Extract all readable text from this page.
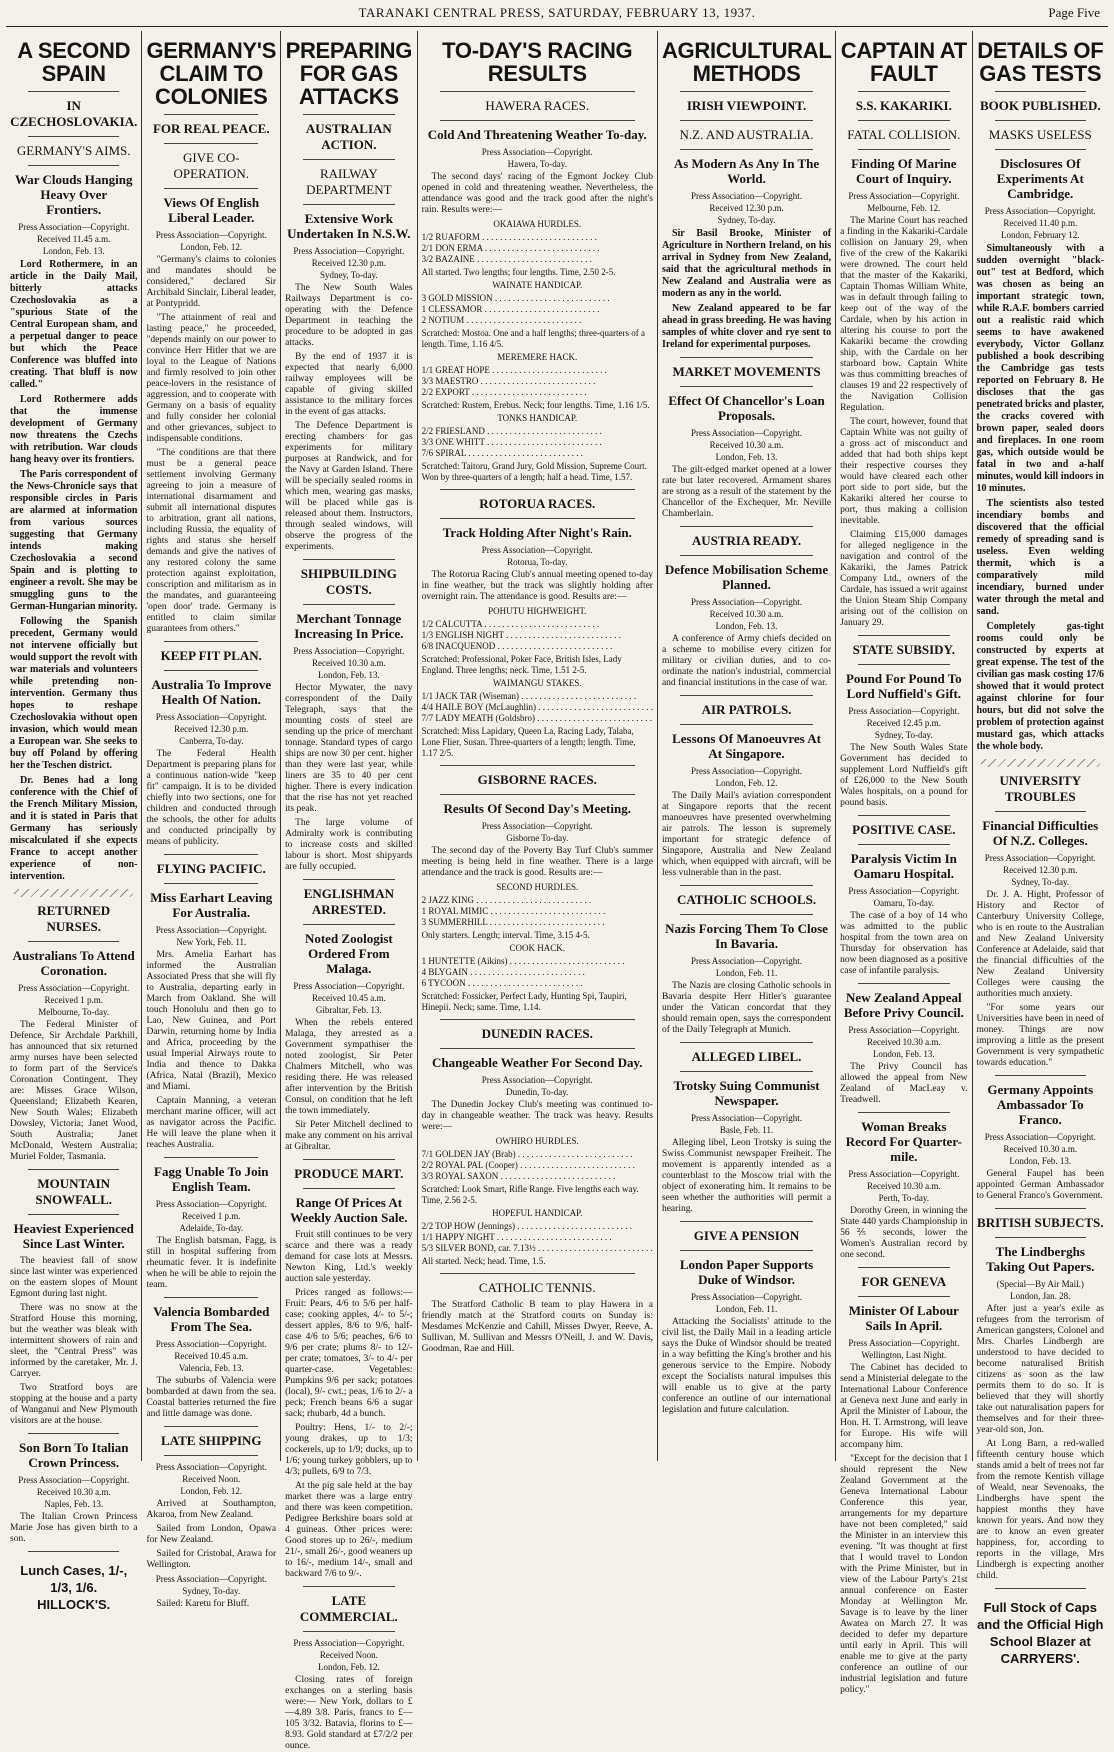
TARANAKI CENTRAL PRESS, SATURDAY, FEBRUARY 13, 1937.	Page Five
A SECOND SPAIN
IN CZECHOSLOVAKIA.
GERMANY'S AIMS.
War Clouds Hanging Heavy Over Frontiers.
Press Association—Copyright.
Received 11.45 a.m.
London, Feb. 13.

Lord Rothermere, in an article in the Daily Mail, bitterly attacks Czechoslovakia as a "spurious State of the Central European sham, and a perpetual danger to peace but which the Peace Conference was bluffed into creating. That bluff is now called."

Lord Rothermere adds that the immense development of Germany now threatens the Czechs with retribution. War clouds hang heavy over its frontiers.

The Paris correspondent of the News-Chronicle says that responsible circles in Paris are alarmed at information from various sources suggesting that Germany intends making Czechoslovakia a second Spain and is plotting to engineer a revolt. She may be smuggling guns to the German-Hungarian minority.

Following the Spanish precedent, Germany would not intervene officially but would support the revolt with war materials and volunteers while pretending non-intervention. Germany thus hopes to reshape Czechoslovakia without open invasion, which would mean a European war. She seeks to buy off Poland by offering her the Teschen district.

Dr. Benes had a long conference with the Chief of the French Military Mission, and it is stated in Paris that Germany has seriously miscalculated if she expects France to accept another experience of non-intervention.

RETURNED NURSES.
Australians To Attend Coronation.
Press Association—Copyright.
Received 1 p.m.
Melbourne, To-day.

The Federal Minister of Defence, Sir Archdale Parkhill, has announced that six returned army nurses have been selected to form part of the Service's Coronation Contingent. They are: Misses Grace Wilson, Queensland; Elizabeth Kearen, New South Wales; Elizabeth Dowsley, Victoria; Janet Wood, South Australia; Janet McDonald, Western Australia; Muriel Folder, Tasmania.

MOUNTAIN SNOWFALL.
Heaviest Experienced Since Last Winter.

The heaviest fall of snow since last winter was experienced on the eastern slopes of Mount Egmont during last night.

There was no snow at the Stratford House this morning, but the weather was bleak with intermittent showers of rain and sleet, the "Central Press" was informed by the caretaker, Mr. J. Carryer.

Two Stratford boys are stopping at the house and a party of Wanganui and New Plymouth visitors are at the house.

Son Born To Italian Crown Princess.
Press Association—Copyright.
Received 10.30 a.m.
Naples, Feb. 13.

The Italian Crown Princess Marie Jose has given birth to a son.

Lunch Cases, 1/-, 1/3, 1/6.
HILLOCK'S.
GERMANY'S CLAIM TO COLONIES
FOR REAL PEACE.
GIVE CO-OPERATION.
Views Of English Liberal Leader.
Press Association—Copyright.
London, Feb. 12.

"Germany's claims to colonies and mandates should be considered," declared Sir Archibald Sinclair, Liberal leader, at Pontypridd.

"The attainment of real and lasting peace," he proceeded, "depends mainly on our power to convince Herr Hitler that we are loyal to the League of Nations and firmly resolved to join other peace-lovers in the resistance of aggression, and to cooperate with Germany on a basis of equality and fully consider her colonial and other grievances, subject to indispensable conditions.

"The conditions are that there must be a general peace settlement involving Germany agreeing to join a measure of international disarmament and submit all international disputes to arbitration, grant all nations, including Russia, the equality of rights and status she herself demands and give the natives of any restored colony the same protection against exploitation, conscription and militarism as in the mandates, and guaranteeing 'open door' trade. Germany is entitled to claim similar guarantees from others."

KEEP FIT PLAN.
Australia To Improve Health Of Nation.
Press Association—Copyright.
Received 12.30 p.m.
Canberra, To-day.

The Federal Health Department is preparing plans for a continuous nation-wide "keep fit" campaign. It is to be divided chiefly into two sections, one for children and conducted through the schools, the other for adults and conducted principally by means of publicity.

FLYING PACIFIC.
Miss Earhart Leaving For Australia.
Press Association—Copyright.
New York, Feb. 11.

Mrs. Amelia Earhart has informed the Australian Associated Press that she will fly to Australia, departing early in March from Oakland. She will touch Honolulu and then go to Lao, New Guinea, and Port Darwin, returning home by India and Africa, proceeding by the usual Imperial Airways route to India and thence to Dakka (Africa, Natal (Brazil), Mexico and Miami.

Captain Manning, a veteran merchant marine officer, will act as navigator across the Pacific. He will leave the plane when it reaches Australia.

Fagg Unable To Join English Team.
Press Association—Copyright.
Received 1 p.m.
Adelaide, To-day.

The English batsman, Fagg, is still in hospital suffering from rheumatic fever. It is indefinite when he will be able to rejoin the team.

Valencia Bombarded From The Sea.
Press Association—Copyright.
Received 10.45 a.m.
Valencia, Feb. 13.

The suburbs of Valencia were bombarded at dawn from the sea. Coastal batteries returned the fire and little damage was done.

LATE SHIPPING
Press Association—Copyright.
Received Noon.
London, Feb. 12.

Arrived at Southampton, Akaroa, from New Zealand.

Sailed from London, Opawa for New Zealand.

Sailed for Cristobal, Arawa for Wellington.

Press Association—Copyright.
Sydney, To-day.

Sailed: Karetu for Bluff.

PREPARING FOR GAS ATTACKS
AUSTRALIAN ACTION.
RAILWAY DEPARTMENT
Extensive Work Undertaken In N.S.W.
Press Association—Copyright.
Received 12.30 p.m.
Sydney, To-day.

The New South Wales Railways Department is co-operating with the Defence Department in teaching the procedure to be adopted in gas attacks.

By the end of 1937 it is expected that nearly 6,000 railway employees will be capable of giving skilled assistance to the military forces in the event of gas attacks.

The Defence Department is erecting chambers for gas experiments for military purposes at Randwick, and for the Navy at Garden Island. There will be specially sealed rooms in which men, wearing gas masks, will be placed while gas is released about them. Instructors, through sealed windows, will observe the progress of the experiments.

SHIPBUILDING COSTS.
Merchant Tonnage Increasing In Price.
Press Association—Copyright.
Received 10.30 a.m.
London, Feb. 13.

Hector Mywater, the navy correspondent of the Daily Telegraph, says that the mounting costs of steel are sending up the price of merchant tonnage. Standard types of cargo ships are now 30 per cent. higher than they were last year, while liners are 35 to 40 per cent higher. There is every indication that the rise has not yet reached its peak.

The large volume of Admiralty work is contributing to increase costs and skilled labour is short. Most shipyards are fully occupied.

ENGLISHMAN ARRESTED.
Noted Zoologist Ordered From Malaga.
Press Association—Copyright.
Received 10.45 a.m.
Gibraltar, Feb. 13.

When the rebels entered Malaga, they arrested as a Government sympathiser the noted zoologist, Sir Peter Chalmers Mitchell, who was residing there. He was released after intervention by the British Consul, on condition that he left the town immediately.

Sir Peter Mitchell declined to make any comment on his arrival at Gibraltar.

PRODUCE MART.
Range Of Prices At Weekly Auction Sale.

Fruit still continues to be very scarce and there was a ready demand for case lots at Messrs. Newton King, Ltd.'s weekly auction sale yesterday.

Prices ranged as follows:— Fruit: Pears, 4/6 to 5/6 per half-case; cooking apples, 4/- to 5/-; dessert apples, 8/6 to 9/6, half-case 4/6 to 5/6; peaches, 6/6 to 9/6 per crate; plums 8/- to 12/- per crate; tomatoes, 3/- to 4/- per quarter-case. Vegetables: Pumpkins 9/6 per sack; potatoes (local), 9/- cwt.; peas, 1/6 to 2/- a peck; French beans 6/6 a sugar sack; rhubarb, 4d a bunch.

Poultry: Hens, 1/- to 2/-; young drakes, up to 1/3; cockerels, up to 1/9; ducks, up to 1/6; young turkey gobblers, up to 4/3; pullets, 6/9 to 7/3.

At the pig sale held at the bay market there was a large entry and there was keen competition. Pedigree Berkshire boars sold at 4 guineas. Other prices were: Good stores up to 26/-, medium 21/-, small 26/-, good weaners up to 16/-, medium 14/-, small and backward 7/6 to 9/-.

LATE COMMERCIAL.
Press Association—Copyright.
Received Noon.
London, Feb. 12.

Closing rates of foreign exchanges on a sterling basis were:— New York, dollars to £—4.89 3/8. Paris, francs to £—105 3/32. Batavia, florins to £—8.93. Gold standard at £7/2/2 per ounce.

TO-DAY'S RACING RESULTS
HAWERA RACES.
Cold And Threatening Weather To-day.
Press Association—Copyright.
Hawera, To-day.

The second days' racing of the Egmont Jockey Club opened in cold and threatening weather. Nevertheless, the attendance was good and the track good after the night's rain. Results were:—

OKAIAWA HURDLES.
1/2 RUAFORM . . .
2/1 DON ERMA . . .
3/2 BAZAINE . . .
All started. Two lengths; four lengths. Time, 2.50 2-5.
WAINATE HANDICAP.
3 GOLD MISSION . . .
1 CLESSAMOR . . .
2 NOTIUM . . .
Scratched: Mostoa. One and a half lengths; three-quarters of a length. Time, 1.16 4/5.
MEREMERE HACK.
1/1 GREAT HOPE . . .
3/3 MAESTRO . . .
2/2 EXPORT . . .
Scratched: Rustem, Erebus. Neck; four lengths. Time, 1.16 1/5.
TONKS HANDICAP.
2/2 FRIESLAND . . .
3/3 ONE WHITT . . .
7/6 SPIRAL . . .
Scratched: Taitoru, Grand Jury, Gold Mission, Supreme Court. Won by three-quarters of a length; half a head. Time, 1.57.
ROTORUA RACES.
Track Holding After Night's Rain.
Press Association—Copyright.
Rotorua, To-day.

The Rotorua Racing Club's annual meeting opened to-day in fine weather, but the track was slightly holding after overnight rain. The attendance is good. Results are:—

POHUTU HIGHWEIGHT.
1/2 CALCUTTA . . .
1/3 ENGLISH NIGHT . . .
6/8 INACQUENOD . . .
Scratched: Professional, Poker Face, British Isles, Lady England. Three lengths; neck. Time, 1.51 2-5.
WAIMANGU STAKES.
1/1 JACK TAR (Wiseman) . . .
4/4 HAILE BOY (McLaughlin) . . .
7/7 LADY MEATH (Goldsbro) . . .
Scratched: Miss Lapidary, Queen La, Racing Lady, Talaba, Lone Flier, Susan. Three-quarters of a length; length. Time, 1.17 2/5.
GISBORNE RACES.
Results Of Second Day's Meeting.
Press Association—Copyright.
Gisborne To-day.

The second day of the Poverty Bay Turf Club's summer meeting is being held in fine weather. There is a large attendance and the track is good. Results are:—

SECOND HURDLES.
2 JAZZ KING . . .
1 ROYAL MIMIC . . .
3 SUMMERHILL . . .
Only starters. Length; interval. Time, 3.15 4-5.
COOK HACK.
1 HUNTETTE (Aikins) . . .
4 BLYGAIN . . .
6 TYCOON . . .
Scratched: Fossicker, Perfect Lady, Hunting Spi, Taupiri, Hinepii. Neck; same. Time, 1.14.
DUNEDIN RACES.
Changeable Weather For Second Day.
Press Association—Copyright.
Dunedin, To-day.

The Dunedin Jockey Club's meeting was continued to-day in changeable weather. The track was heavy. Results were:—

OWHIRO HURDLES.
7/1 GOLDEN JAY (Brab) . . .
2/2 ROYAL PAL (Cooper) . . .
3/3 ROYAL SAXON . . .
Scratched: Look Smart, Rifle Range. Five lengths each way. Time, 2.56 2-5.
HOPEFUL HANDICAP.
2/2 TOP HOW (Jennings) . . .
1/1 HAPPY NIGHT . . .
5/3 SILVER BOND, car. 7.13½ . . .
All started. Neck; head. Time, 1.5.
CATHOLIC TENNIS.

The Stratford Catholic B team to play Hawera in a friendly match at the Stratford courts on Sunday is: Mesdames McKenzie and Cahill, Misses Dwyer, Reeve, A. Sullivan, M. Sullivan and Messrs O'Neill, J. and W. Davis, Goodman, Rae and Hill.

AGRICULTURAL METHODS
IRISH VIEWPOINT.
N.Z. AND AUSTRALIA.
As Modern As Any In The World.
Press Association—Copyright.
Received 12.30 p.m.
Sydney, To-day.

Sir Basil Brooke, Minister of Agriculture in Northern Ireland, on his arrival in Sydney from New Zealand, said that the agricultural methods in New Zealand and Australia were as modern as any in the world.

New Zealand appeared to be far ahead in grass breeding. He was having samples of white clover and rye sent to Ireland for experimental purposes.

MARKET MOVEMENTS
Effect Of Chancellor's Loan Proposals.
Press Association—Copyright.
Received 10.30 a.m.
London, Feb. 13.

The gilt-edged market opened at a lower rate but later recovered. Armament shares are strong as a result of the statement by the Chancellor of the Exchequer, Mr. Neville Chamberlain.

AUSTRIA READY.
Defence Mobilisation Scheme Planned.
Press Association—Copyright.
Received 10.30 a.m.
London, Feb. 13.

A conference of Army chiefs decided on a scheme to mobilise every citizen for military or civilian duties, and to co-ordinate the nation's industrial, commercial and financial institutions in the case of war.

AIR PATROLS.
Lessons Of Manoeuvres At At Singapore.
Press Association—Copyright.
London, Feb. 12.

The Daily Mail's aviation correspondent at Singapore reports that the recent manoeuvres have presented overwhelming air patrols. The lesson is supremely important for strategic defence of Singapore, Australia and New Zealand which, when equipped with aircraft, will be less vulnerable than in the past.

CATHOLIC SCHOOLS.
Nazis Forcing Them To Close In Bavaria.
Press Association—Copyright.
London, Feb. 11.

The Nazis are closing Catholic schools in Bavaria despite Herr Hitler's guarantee under the Vatican concordat that they should remain open, says the correspondent of the Daily Telegraph at Munich.

ALLEGED LIBEL.
Trotsky Suing Communist Newspaper.
Press Association—Copyright.
Basle, Feb. 11.

Alleging libel, Leon Trotsky is suing the Swiss Communist newspaper Freiheit. The movement is apparently intended as a counterblast to the Moscow trial with the object of exonerating him. It remains to be seen whether the authorities will permit a hearing.

GIVE A PENSION
London Paper Supports Duke of Windsor.
Press Association—Copyright.
London, Feb. 11.

Attacking the Socialists' attitude to the civil list, the Daily Mail in a leading article says the Duke of Windsor should be treated in a way befitting the King's brother and his generous service to the Empire. Nobody except the Socialists natural impulses this will enable us to give at the party conference an outline of our international legislation and future calculation.

CAPTAIN AT FAULT
S.S. KAKARIKI.
FATAL COLLISION.
Finding Of Marine Court of Inquiry.
Press Association—Copyright.
Melbourne, Feb. 12.

The Marine Court has reached a finding in the Kakariki-Cardale collision on January 29, when five of the crew of the Kakariki were drowned. The court held that the master of the Kakariki, Captain Thomas William White, was in default through failing to keep out of the way of the Cardale, when by his action in altering his course to port the Kakariki became the crowding ship, with the Cardale on her starboard bow. Captain White was thus committing breaches of clauses 19 and 22 respectively of the Navigation Collision Regulation.

The court, however, found that Captain White was not guilty of a gross act of misconduct and added that had both ships kept their respective courses they would have cleared each other port side to port side, but the Kakariki altered her course to port, thus making a collision inevitable.

Claiming £15,000 damages for alleged negligence in the navigation and control of the Kakariki, the James Patrick Company Ltd., owners of the Cardale, has issued a writ against the Union Steam Ship Company arising out of the collision on January 29.

STATE SUBSIDY.
Pound For Pound To Lord Nuffield's Gift.
Press Association—Copyright.
Received 12.45 p.m.
Sydney, To-day.

The New South Wales State Government has decided to supplement Lord Nuffield's gift of £26,000 to the New South Wales hospitals, on a pound for pound basis.

POSITIVE CASE.
Paralysis Victim In Oamaru Hospital.
Press Association—Copyright.
Oamaru, To-day.

The case of a boy of 14 who was admitted to the public hospital from the town area on Thursday for observation has now been diagnosed as a positive case of infantile paralysis.

New Zealand Appeal Before Privy Council.
Press Association—Copyright.
Received 10.30 a.m.
London, Feb. 13.

The Privy Council has allowed the appeal from New Zealand of MacLeay v. Treadwell.

Woman Breaks Record For Quarter-mile.
Press Association—Copyright.
Received 10.30 a.m.
Perth, To-day.

Dorothy Green, in winning the State 440 yards Championship in 56⅖ seconds, lower the Women's Australian record by one second.

FOR GENEVA
Minister Of Labour Sails In April.
Press Association—Copyright.
Wellington, Last Night.

The Cabinet has decided to send a Ministerial delegate to the International Labour Conference at Geneva next June and early in April the Minister of Labour, the Hon. H. T. Armstrong, will leave for Europe. His wife will accompany him.

"Except for the decision that I should represent the New Zealand Government at the Geneva International Labour Conference this year, arrangements for my departure have not been completed," said the Minister in an interview this evening. "It was thought at first that I would travel to London with the Prime Minister, but in view of the Labour Party's 21st annual conference on Easter Monday at Wellington Mr. Savage is to leave by the liner Awatea on March 27. It was decided to defer my departure until early in April. This will enable me to give at the party conference an outline of our industrial legislation and future policy."

DETAILS OF GAS TESTS
BOOK PUBLISHED.
MASKS USELESS
Disclosures Of Experiments At Cambridge.
Press Association—Copyright.
Received 11.40 p.m.
London, February 12.

Simultaneously with a sudden overnight "black-out" test at Bedford, which was chosen as being an important strategic town, while R.A.F. bombers carried out a realistic raid which seems to have awakened everybody, Victor Gollanz published a book describing the Cambridge gas tests reported on February 8. He discloses that the gas penetrated bricks and plaster, the cracks covered with brown paper, sealed doors and fireplaces. In one room gas, which outside would be fatal in two and a-half minutes, would kill indoors in 10 minutes.

The scientists also tested incendiary bombs and discovered that the official remedy of spreading sand is useless. Even welding thermit, which is a comparatively mild incendiary, burned under water through the metal and sand.

Completely gas-tight rooms could only be constructed by experts at great expense. The test of the civilian gas mask costing 17/6 showed that it would protect against chlorine for four hours, but did not solve the problem of protection against mustard gas, which attacks the whole body.

UNIVERSITY TROUBLES
Financial Difficulties Of N.Z. Colleges.
Press Association—Copyright.
Received 12.30 p.m.
Sydney, To-day.

Dr. J. A. Hight, Professor of History and Rector of Canterbury University College, who is en route to the Australian and New Zealand University Conference at Adelaide, said that the financial difficulties of the New Zealand University Colleges were causing the authorities much anxiety.

"For some years our Universities have been in need of money. Things are now improving a little as the present Government is very sympathetic towards education."

Germany Appoints Ambassador To Franco.
Press Association—Copyright.
Received 10.30 a.m.
London, Feb. 13.

General Faupel has been appointed German Ambassador to General Franco's Government.

BRITISH SUBJECTS.
The Lindberghs Taking Out Papers.
(Special—By Air Mail.)
London, Jan. 28.

After just a year's exile as refugees from the terrorism of American gangsters, Colonel and Mrs. Charles Lindbergh are understood to have decided to become naturalised British citizens as soon as the law permits them to do so. It is believed that they will shortly take out naturalisation papers for themselves and for their three-year-old son, Jon.

At Long Barn, a red-walled fifteenth century house which stands amid a belt of trees not far from the remote Kentish village of Weald, near Sevenoaks, the Lindberghs have spent the happiest months they have known for years. And now they are to know an even greater happiness, for, according to reports in the village, Mrs Lindbergh is expecting another child.

Full Stock of Caps and the Official High School Blazer at
CARRYERS'.
